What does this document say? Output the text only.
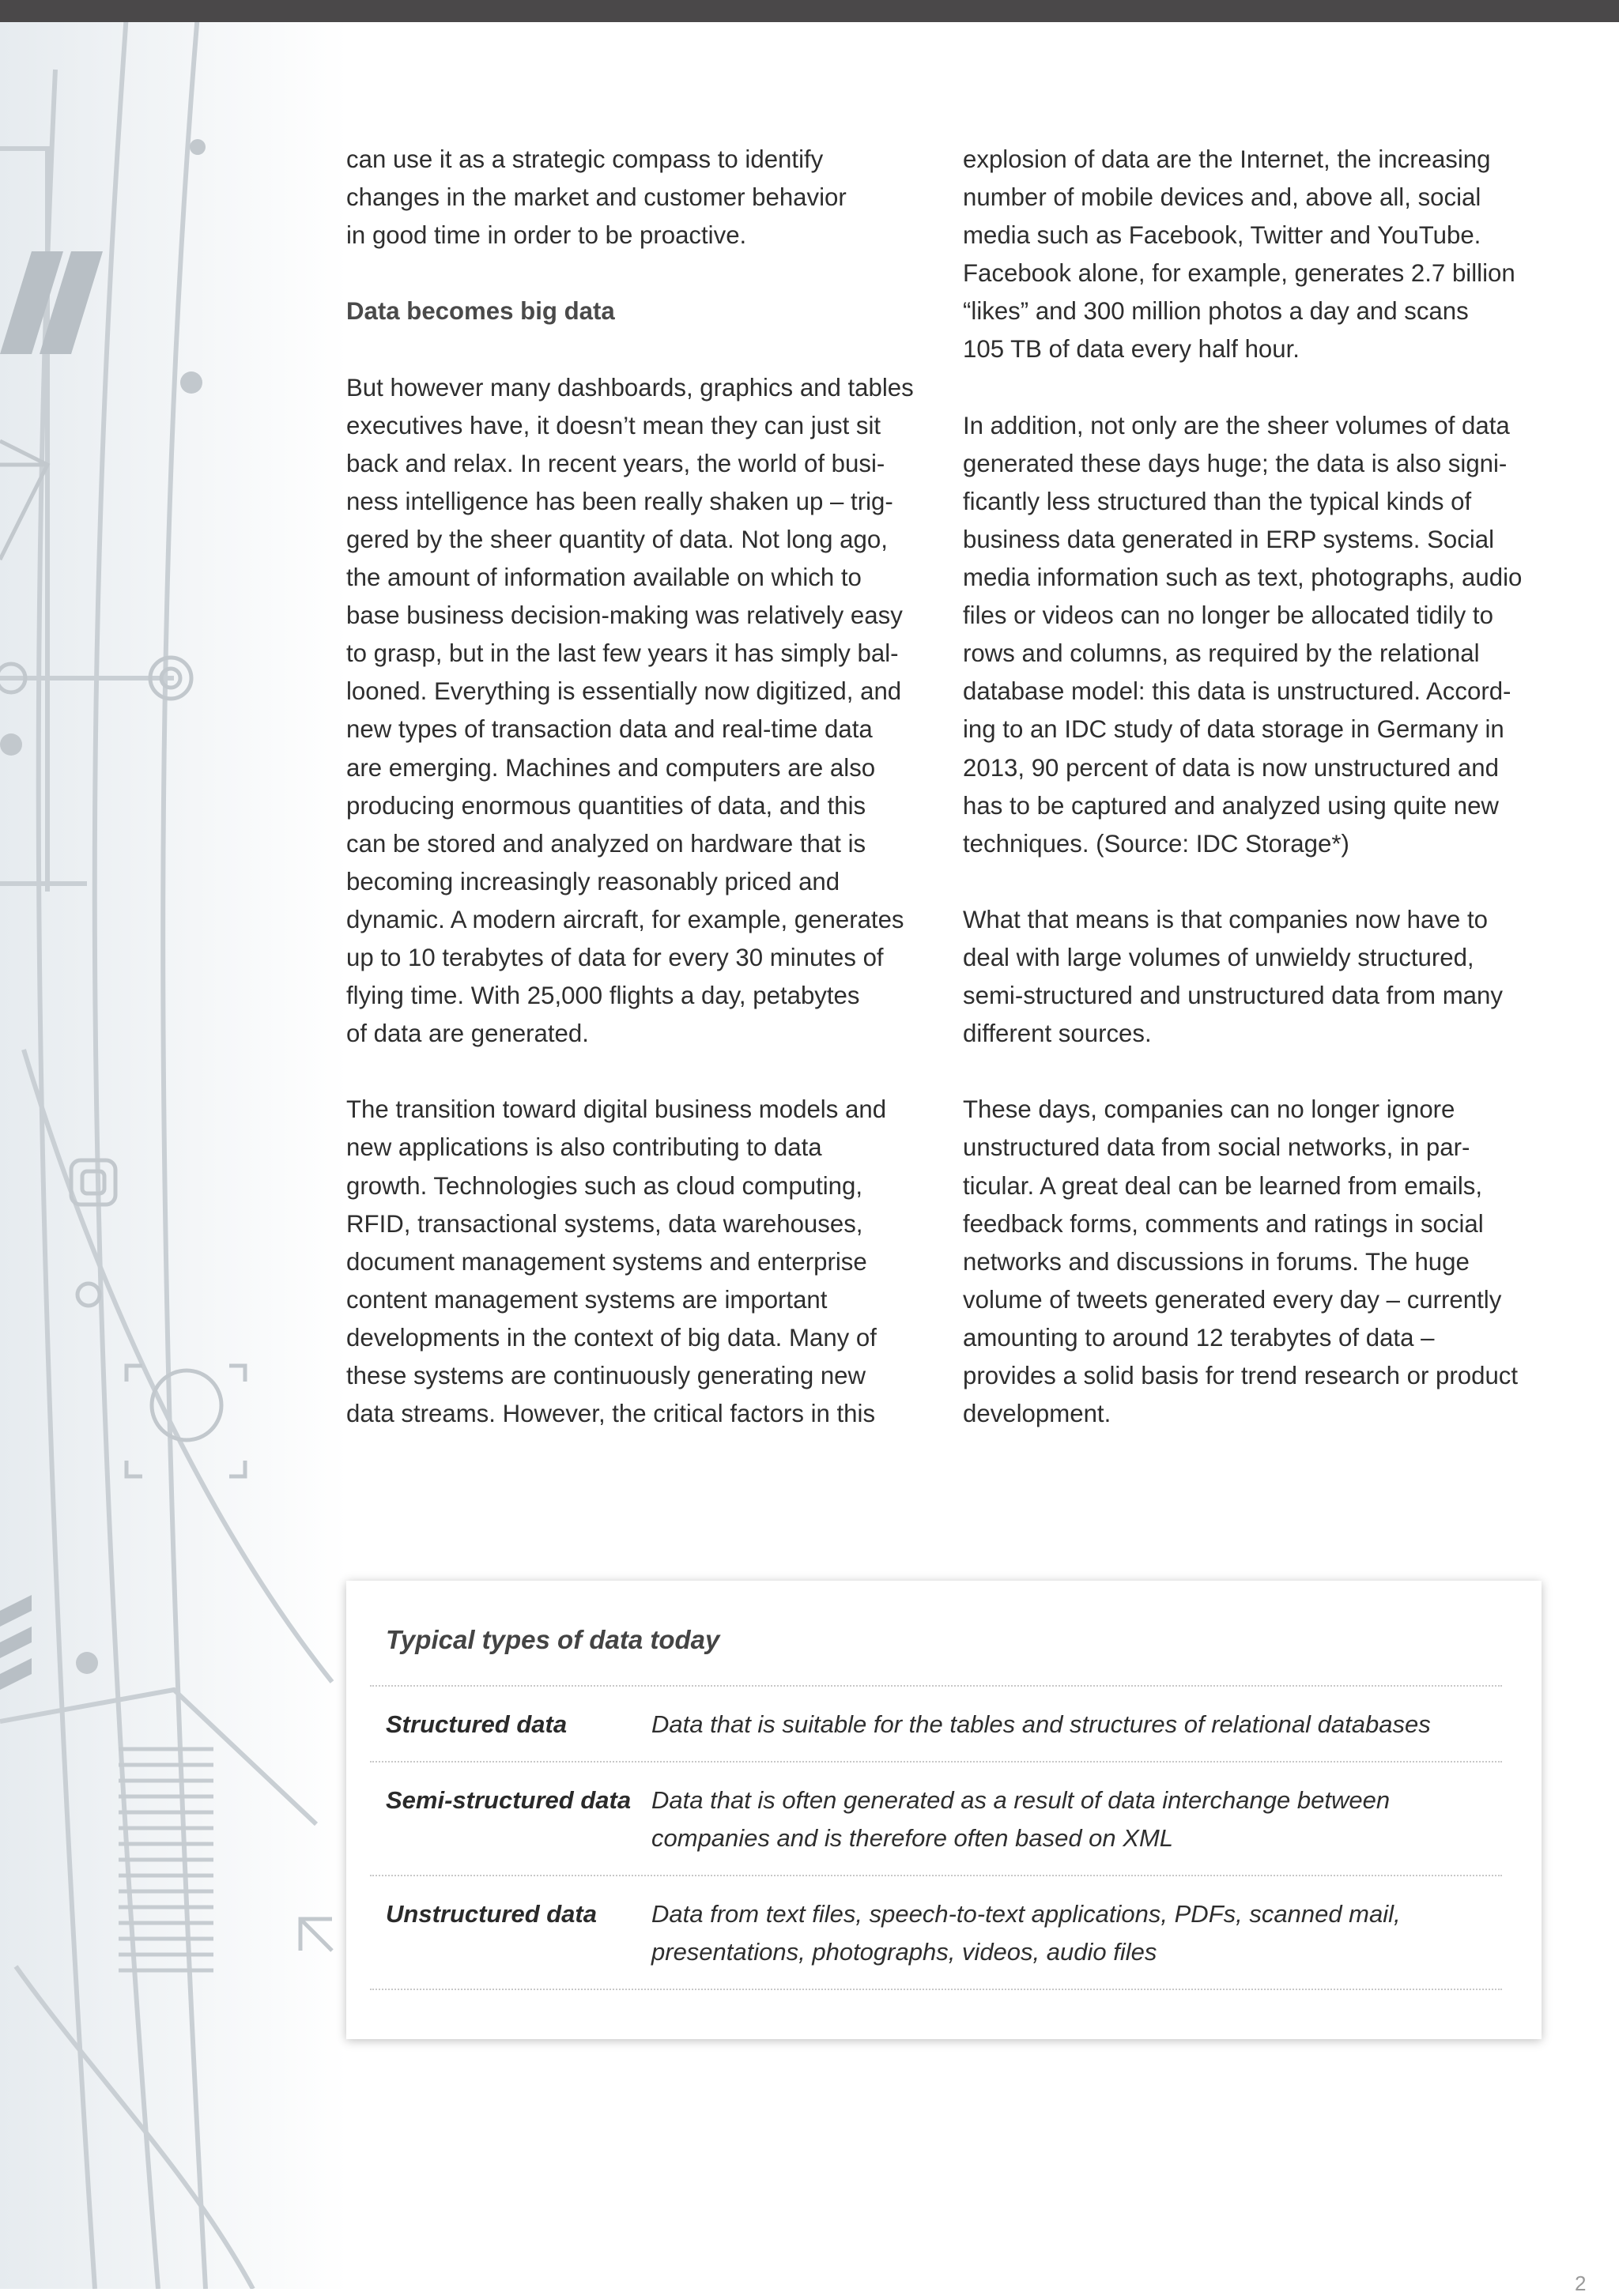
can use it as a strategic compass to identify
changes in the market and customer behavior
in good time in order to be proactive.

Data becomes big data

But however many dashboards, graphics and tables
executives have, it doesn’t mean they can just sit
back and relax. In recent years, the world of busi-
ness intelligence has been really shaken up – trig-
gered by the sheer quantity of data. Not long ago,
the amount of information available on which to
base business decision-making was relatively easy
to grasp, but in the last few years it has simply bal-
looned. Everything is essentially now digitized, and
new types of transaction data and real-time data
are emerging. Machines and computers are also
producing enormous quantities of data, and this
can be stored and analyzed on hardware that is
becoming increasingly reasonably priced and
dynamic. A modern aircraft, for example, generates
up to 10 terabytes of data for every 30 minutes of
flying time. With 25,000 flights a day, petabytes
of data are generated.

The transition toward digital business models and
new applications is also contributing to data
growth. Technologies such as cloud computing,
RFID, transactional systems, data warehouses,
document management systems and enterprise
content management systems are important
developments in the context of big data. Many of
these systems are continuously generating new
data streams. However, the critical factors in this

explosion of data are the Internet, the increasing
number of mobile devices and, above all, social
media such as Facebook, Twitter and YouTube.
Facebook alone, for example, generates 2.7 billion
“likes” and 300 million photos a day and scans
105 TB of data every half hour.

In addition, not only are the sheer volumes of data
generated these days huge; the data is also signi-
ficantly less structured than the typical kinds of
business data generated in ERP systems. Social
media information such as text, photographs, audio
files or videos can no longer be allocated tidily to
rows and columns, as required by the relational
database model: this data is unstructured. Accord-
ing to an IDC study of data storage in Germany in
2013, 90 percent of data is now unstructured and
has to be captured and analyzed using quite new
techniques. (Source: IDC Storage*)

What that means is that companies now have to
deal with large volumes of unwieldy structured,
semi-structured and unstructured data from many
different sources.

These days, companies can no longer ignore
unstructured data from social networks, in par-
ticular. A great deal can be learned from emails,
feedback forms, comments and ratings in social
networks and discussions in forums. The huge
volume of tweets generated every day – currently
amounting to around 12 terabytes of data –
provides a solid basis for trend research or product
development.

Typical types of data today
Structured data	Data that is suitable for the tables and structures of relational databases
Semi-structured data Data that is often generated as a result of data interchange between
companies and is therefore often based on XML
Unstructured data Data from text files, speech-to-text applications, PDFs, scanned mail,
presentations, photographs, videos, audio files
2
